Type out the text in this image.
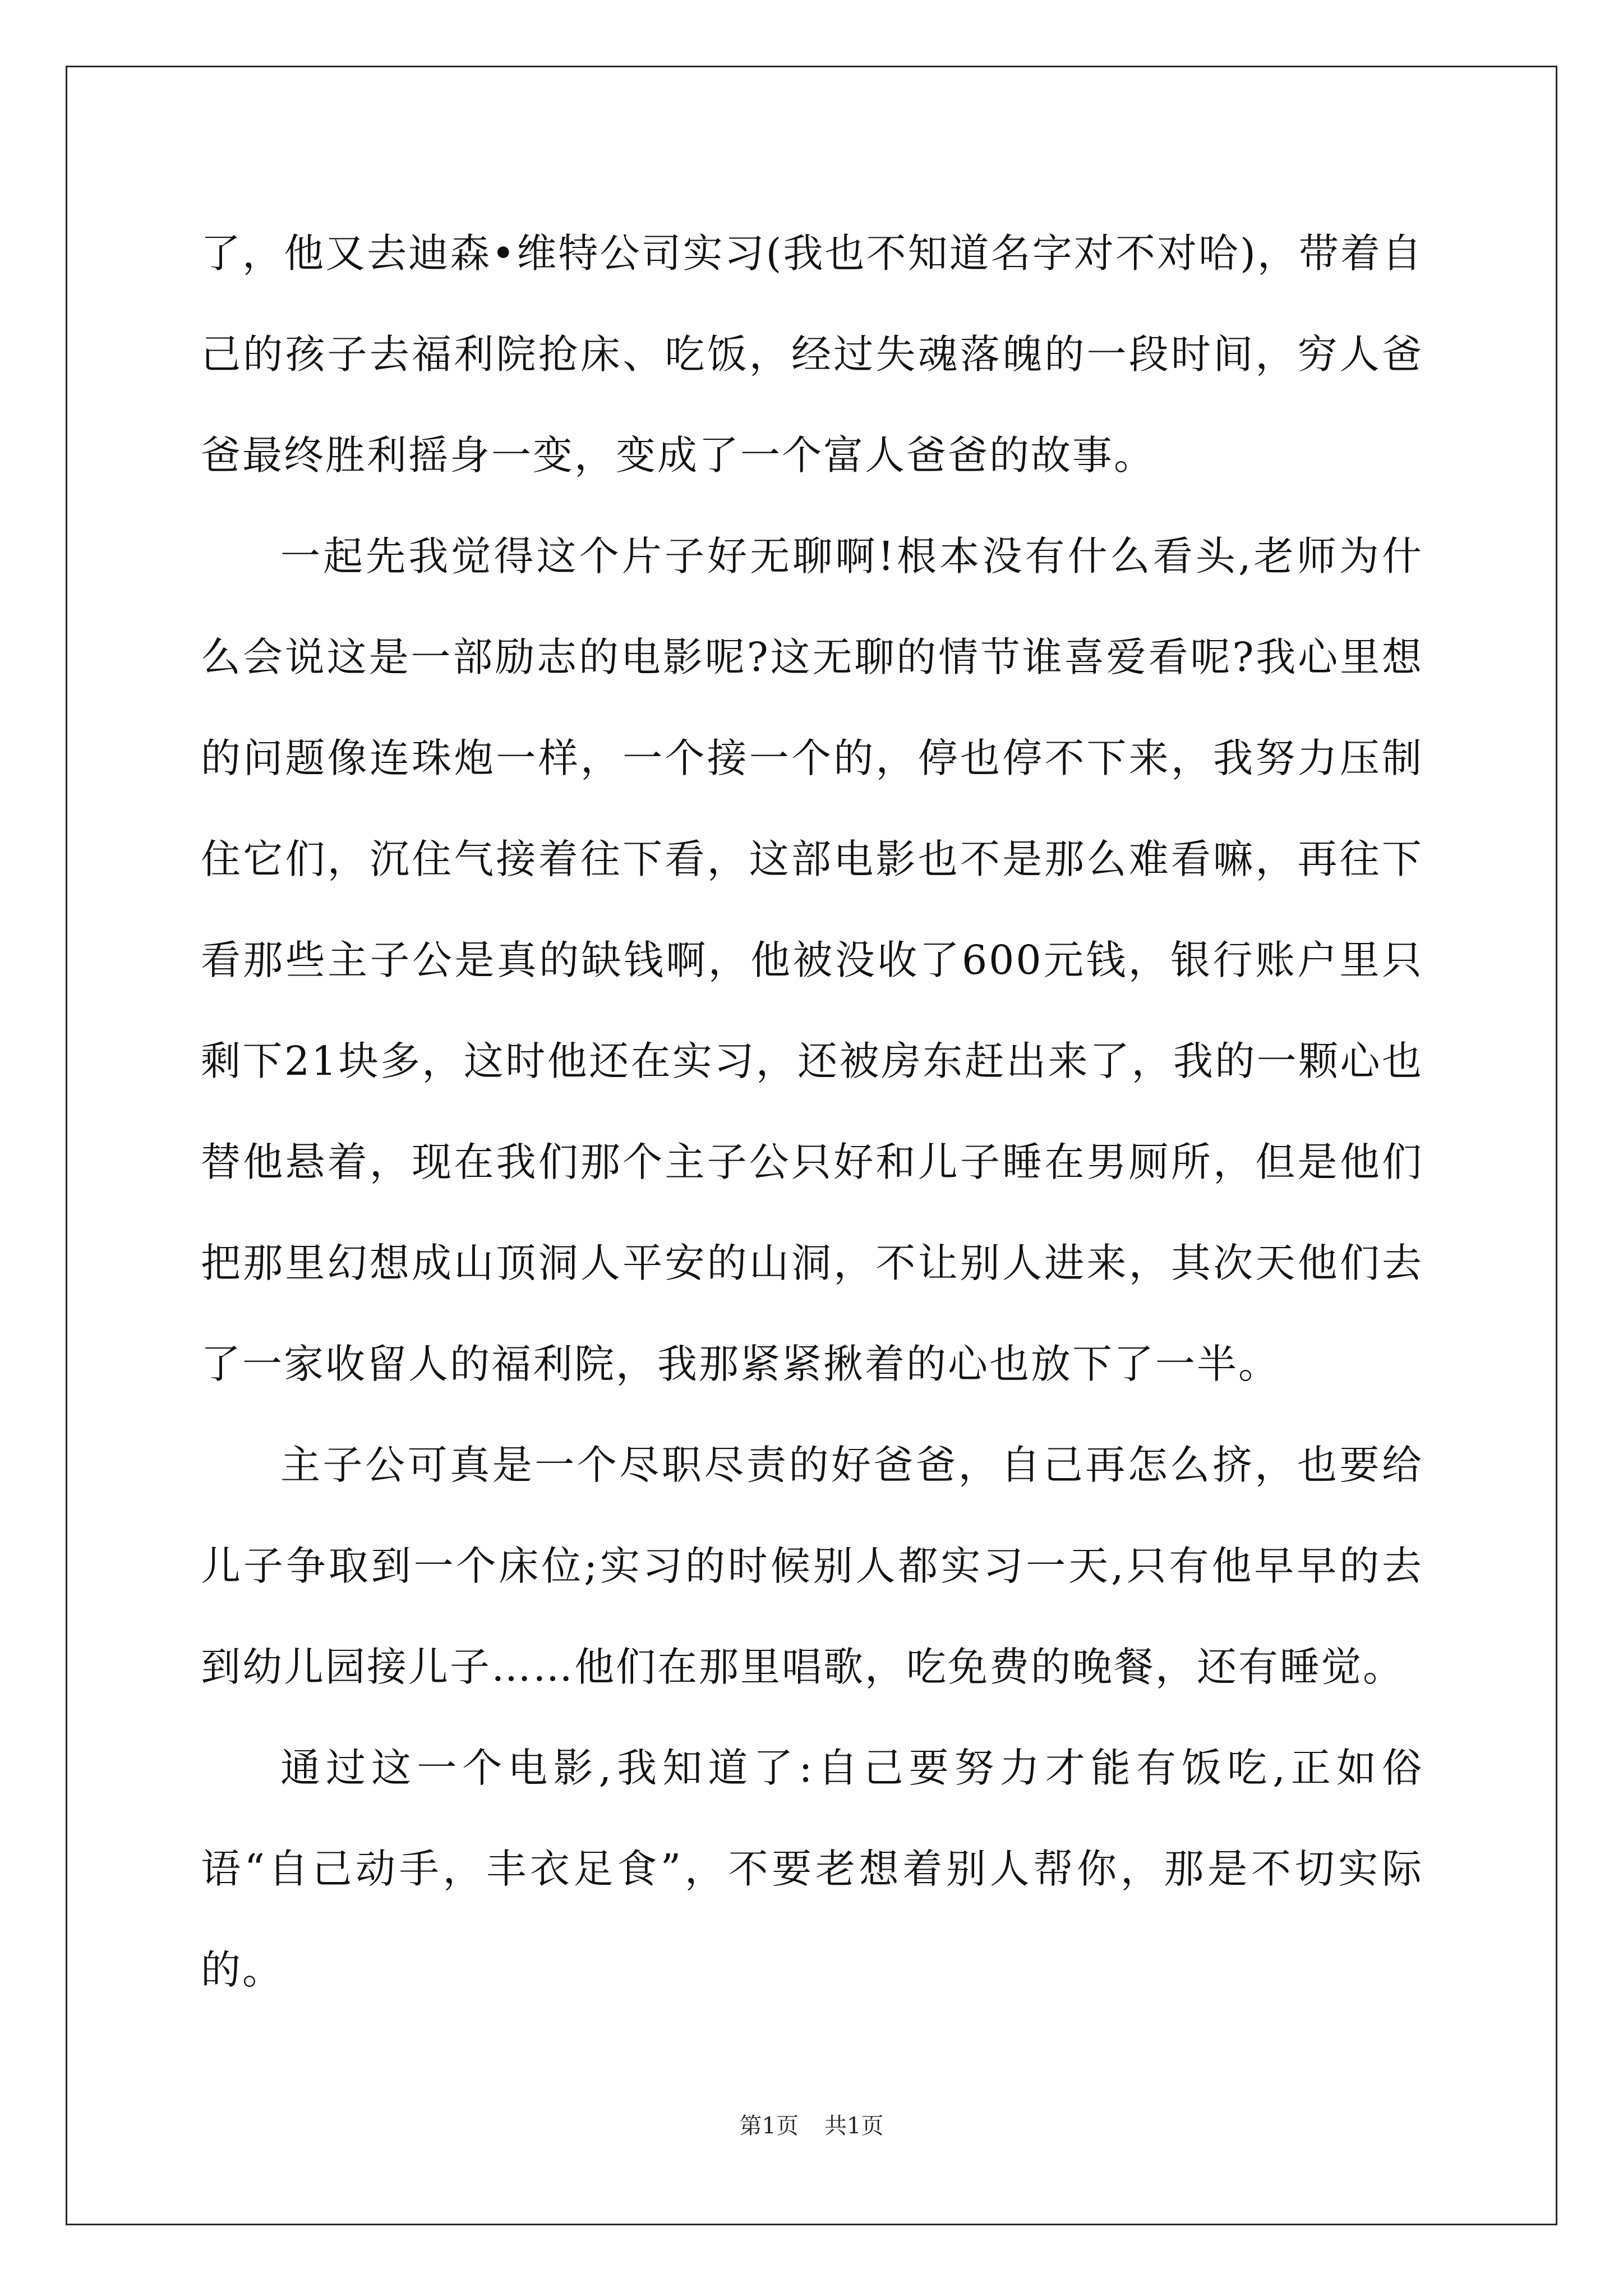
了，他又去迪森•维特公司实习(我也不知道名字对不对哈)，带着自己的孩子去福利院抢床、吃饭，经过失魂落魄的一段时间，穷人爸爸最终胜利摇身一变，变成了一个富人爸爸的故事。

一起先我觉得这个片子好无聊啊!根本没有什么看头,老师为什么会说这是一部励志的电影呢?这无聊的情节谁喜爱看呢?我心里想的问题像连珠炮一样，一个接一个的，停也停不下来，我努力压制住它们，沉住气接着往下看，这部电影也不是那么难看嘛，再往下看那些主子公是真的缺钱啊，他被没收了600元钱，银行账户里只剩下21块多，这时他还在实习，还被房东赶出来了，我的一颗心也替他悬着，现在我们那个主子公只好和儿子睡在男厕所，但是他们把那里幻想成山顶洞人平安的山洞，不让别人进来，其次天他们去了一家收留人的福利院，我那紧紧揪着的心也放下了一半。

主子公可真是一个尽职尽责的好爸爸，自己再怎么挤，也要给儿子争取到一个床位;实习的时候别人都实习一天,只有他早早的去到幼儿园接儿子……他们在那里唱歌，吃免费的晚餐，还有睡觉。

通过这一个电影,我知道了:自己要努力才能有饭吃,正如俗语“自己动手，丰衣足食”，不要老想着别人帮你，那是不切实际的。

第1页 共1页
